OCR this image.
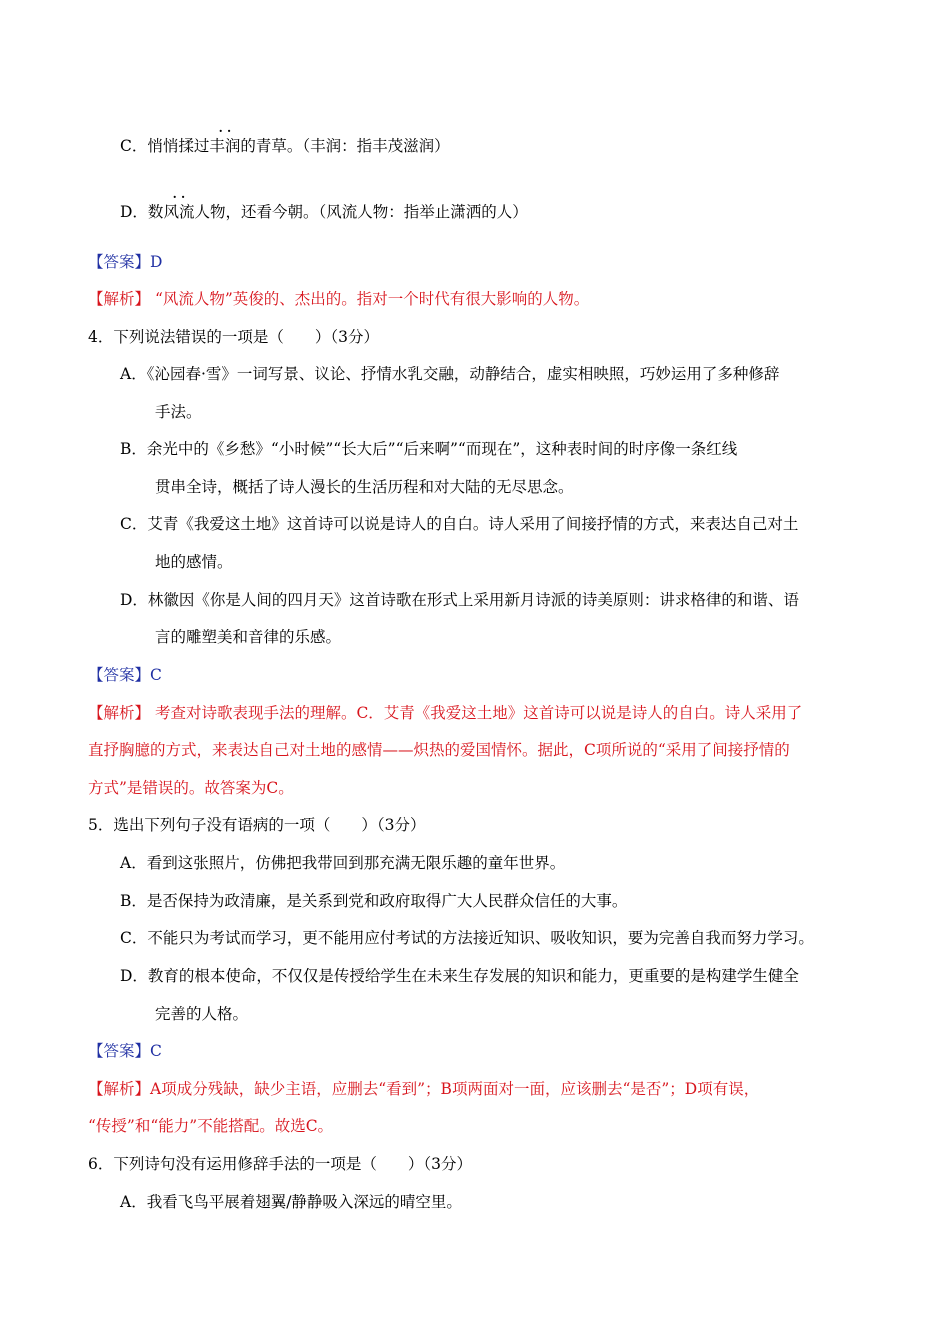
C．悄悄揉过
· ·
丰润的青草。（丰润：指丰茂滋润）
D．数
· ·
风流人物，还看今朝。（风流人物：指举止潇洒的人）
【答案】D
【解析】 “风流人物”英俊的、杰出的。指对一个时代有很大影响的人物。
4．下列说法错误的一项是（　　）（3分）
A．《沁园春·雪》一词写景、议论、抒情水乳交融，动静结合，虚实相映照，巧妙运用了多种修辞
手法。
B．余光中的《乡愁》“小时候”“长大后”“后来啊”“而现在”，这种表时间的时序像一条红线
贯串全诗，概括了诗人漫长的生活历程和对大陆的无尽思念。
C．艾青《我爱这土地》这首诗可以说是诗人的自白。诗人采用了间接抒情的方式，来表达自己对土
地的感情。
D．林徽因《你是人间的四月天》这首诗歌在形式上采用新月诗派的诗美原则：讲求格律的和谐、语
言的雕塑美和音律的乐感。
【答案】C
【解析】 考查对诗歌表现手法的理解。C．艾青《我爱这土地》这首诗可以说是诗人的自白。诗人采用了
直抒胸臆的方式，来表达自己对土地的感情——炽热的爱国情怀。据此，C项所说的“采用了间接抒情的
方式”是错误的。故答案为C。
5．选出下列句子没有语病的一项（　　）（3分）
A．看到这张照片，仿佛把我带回到那充满无限乐趣的童年世界。
B．是否保持为政清廉，是关系到党和政府取得广大人民群众信任的大事。
C．不能只为考试而学习，更不能用应付考试的方法接近知识、吸收知识，要为完善自我而努力学习。
D．教育的根本使命，不仅仅是传授给学生在未来生存发展的知识和能力，更重要的是构建学生健全
完善的人格。
【答案】C
【解析】A项成分残缺，缺少主语，应删去“看到”；B项两面对一面，应该删去“是否”；D项有误，
“传授”和“能力”不能搭配。故选C。
6．下列诗句没有运用修辞手法的一项是（　　）（3分）
A．我看飞鸟平展着翅翼/静静吸入深远的晴空里。
